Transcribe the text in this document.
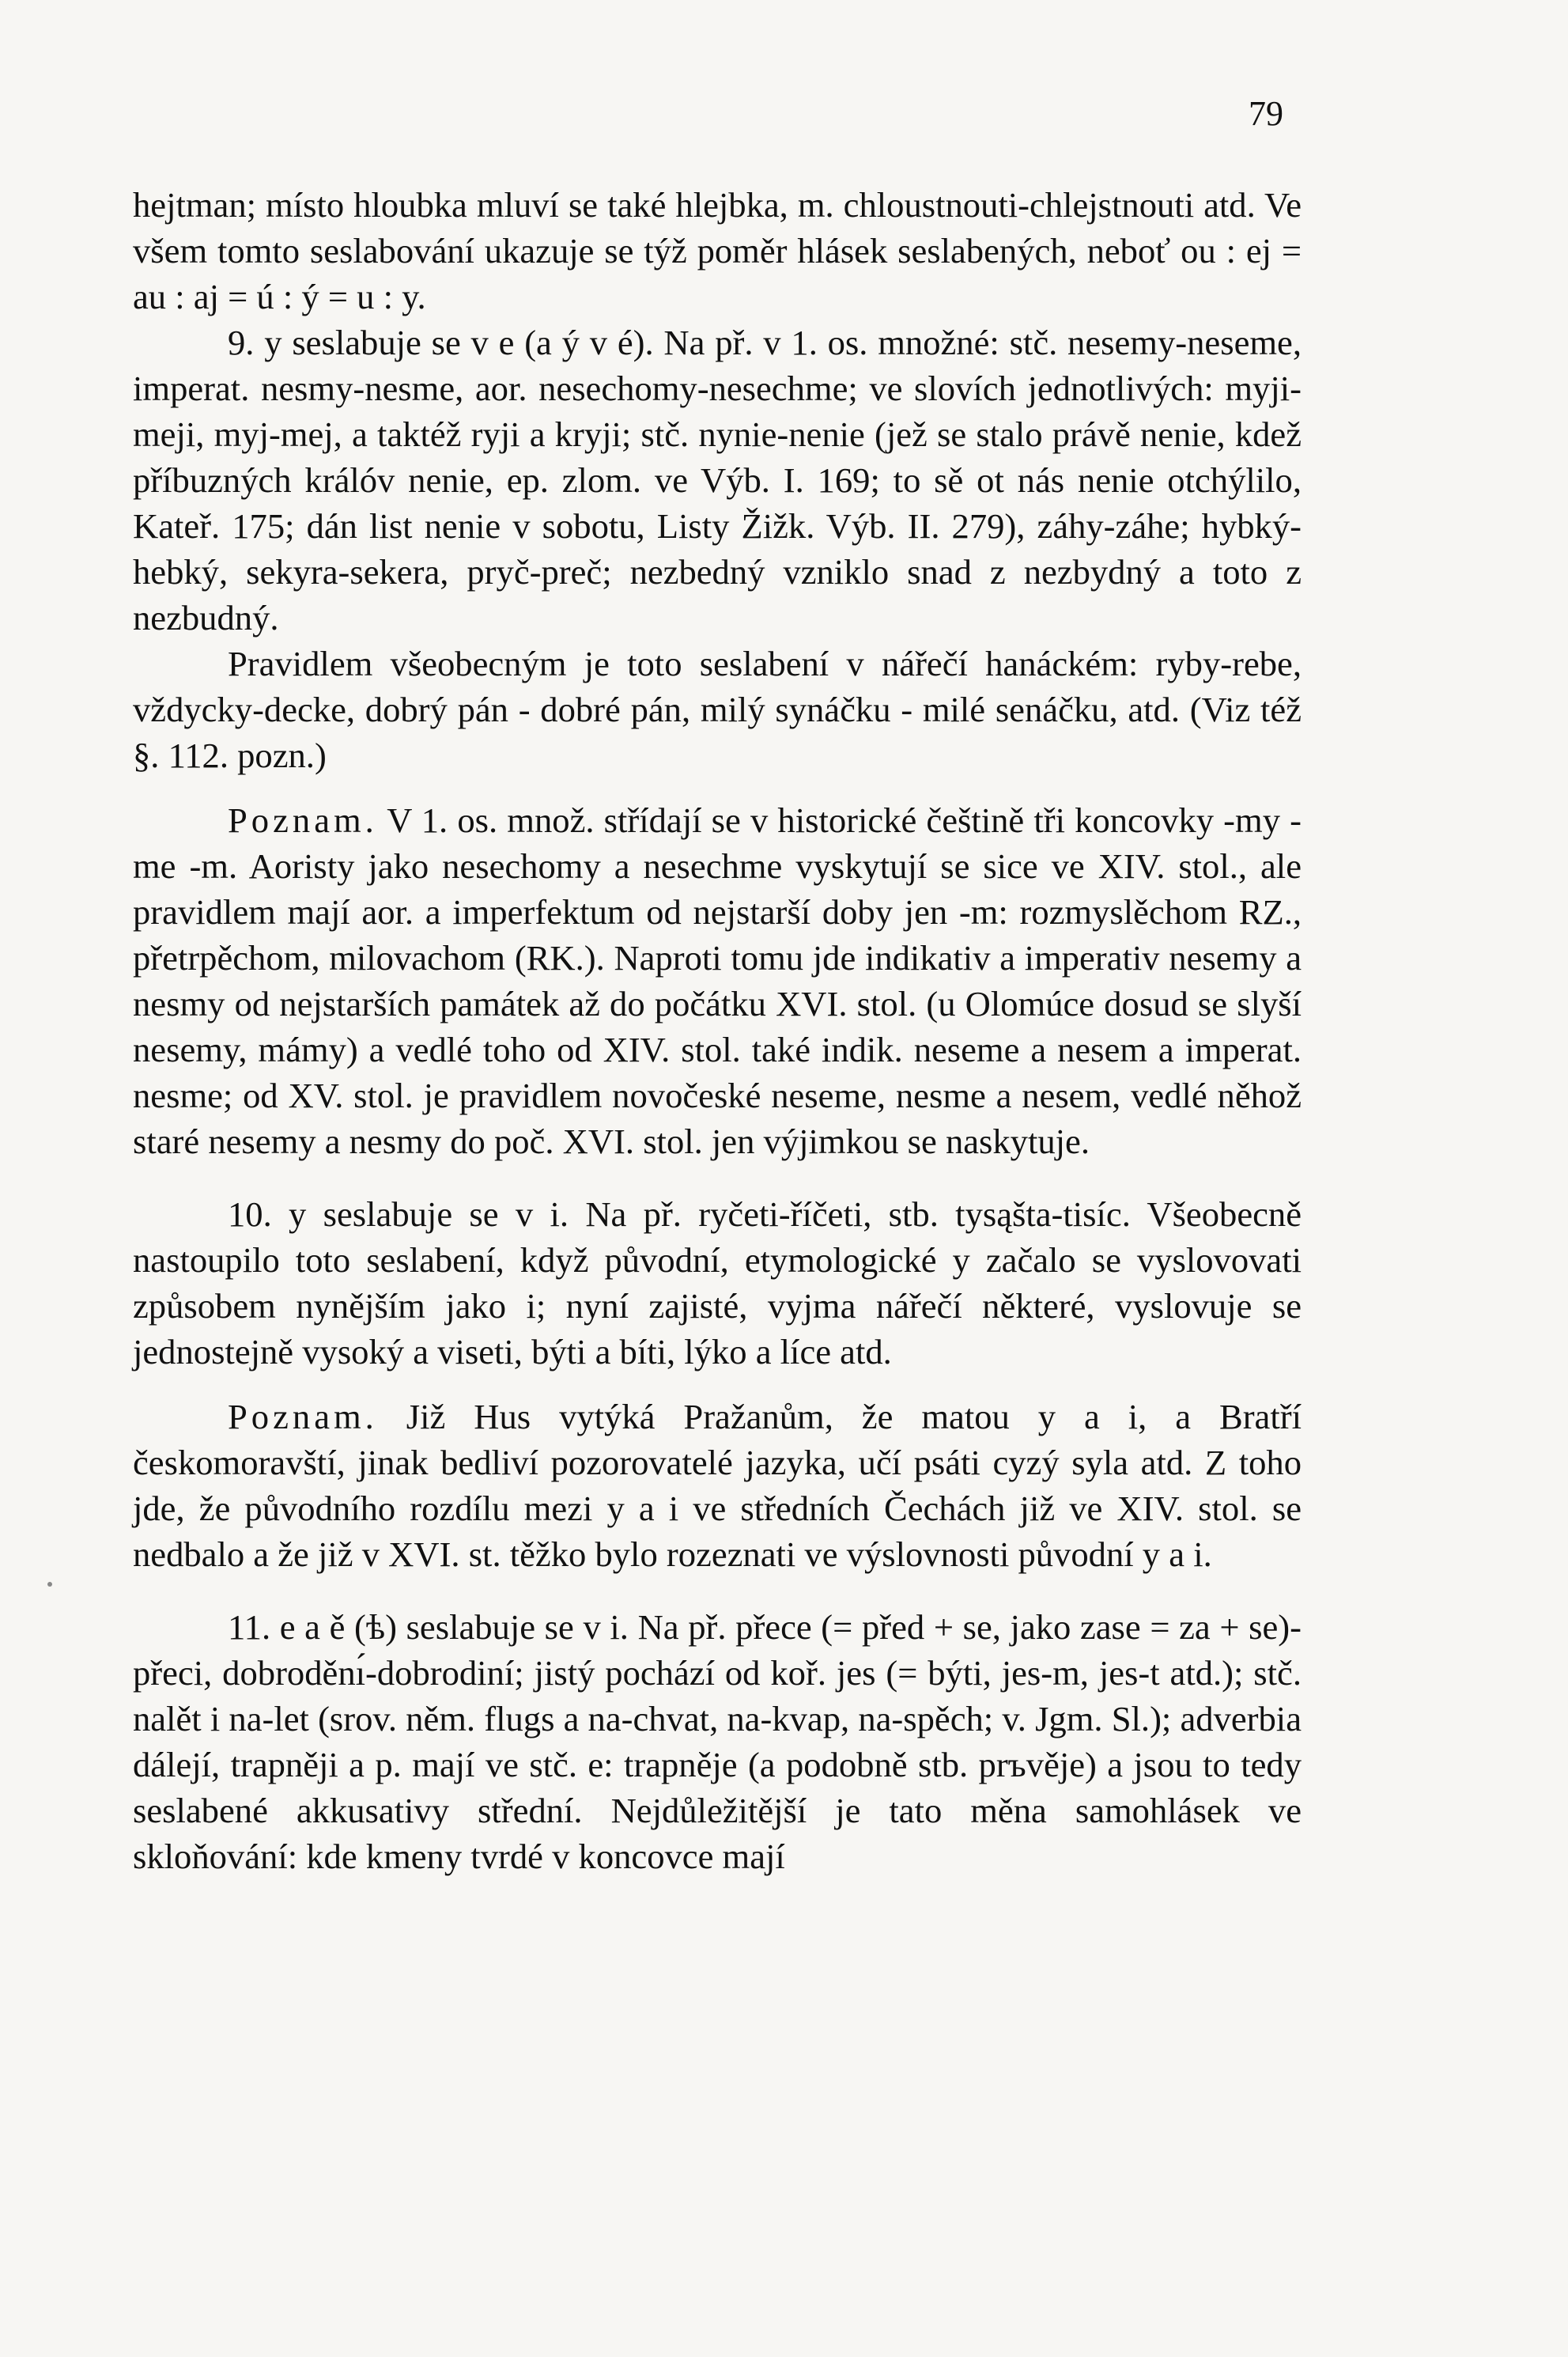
79

hejtman; místo hloubka mluví se také hlejbka, m. chloustnouti-chlejstnouti atd. Ve všem tomto seslabování ukazuje se týž poměr hlásek seslabených, neboť ou : ej = au : aj = ú : ý = u : y.

9. y seslabuje se v e (a ý v é). Na př. v 1. os. množné: stč. nesemy-neseme, imperat. nesmy-nesme, aor. nesechomy-nesechme; ve slovích jednotlivých: myji-meji, myj-mej, a taktéž ryji a kryji; stč. nynie-nenie (jež se stalo právě nenie, kdež příbuzných králóv nenie, ep. zlom. ve Výb. I. 169; to sě ot nás nenie otchýlilo, Kateř. 175; dán list nenie v sobotu, Listy Žižk. Výb. II. 279), záhy-záhe; hybký-hebký, sekyra-sekera, pryč-preč; nezbedný vzniklo snad z nezbydný a toto z nezbudný.

Pravidlem všeobecným je toto seslabení v nářečí hanáckém: ryby-rebe, vždycky-decke, dobrý pán - dobré pán, milý synáčku - milé senáčku, atd. (Viz též §. 112. pozn.)

Poznam. V 1. os. množ. střídají se v historické češtině tři koncovky -my -me -m. Aoristy jako nesechomy a nesechme vyskytují se sice ve XIV. stol., ale pravidlem mají aor. a imperfektum od nejstarší doby jen -m: rozmyslěchom RZ., přetrpěchom, milovachom (RK.). Naproti tomu jde indikativ a imperativ nesemy a nesmy od nejstarších památek až do počátku XVI. stol. (u Olomúce dosud se slyší nesemy, mámy) a vedlé toho od XIV. stol. také indik. neseme a nesem a imperat. nesme; od XV. stol. je pravidlem novočeské neseme, nesme a nesem, vedlé něhož staré nesemy a nesmy do poč. XVI. stol. jen výjimkou se naskytuje.

10. y seslabuje se v i. Na př. ryčeti-říčeti, stb. tysąšta-tisíc. Všeobecně nastoupilo toto seslabení, když původní, etymologické y začalo se vyslovovati způsobem nynějším jako i; nyní zajisté, vyjma nářečí některé, vyslovuje se jednostejně vysoký a viseti, býti a bíti, lýko a líce atd.

Poznam. Již Hus vytýká Pražanům, že matou y a i, a Bratří českomoravští, jinak bedliví pozorovatelé jazyka, učí psáti cyzý syla atd. Z toho jde, že původního rozdílu mezi y a i ve středních Čechách již ve XIV. stol. se nedbalo a že již v XVI. st. těžko bylo rozeznati ve výslovnosti původní y a i.

11. e a ě (ѣ) seslabuje se v i. Na př. přece (= před + se, jako zase = za + se)-přeci, dobroděnı́-dobrodiní; jistý pochází od koř. jes (= býti, jes-m, jes-t atd.); stč. nalět i na-let (srov. něm. flugs a na-chvat, na-kvap, na-spěch; v. Jgm. Sl.); adverbia dálejí, trapněji a p. mají ve stč. e: trapněje (a podobně stb. prъvěje) a jsou to tedy seslabené akkusativy střední. Nejdůležitější je tato měna samohlásek ve skloňování: kde kmeny tvrdé v koncovce mají
